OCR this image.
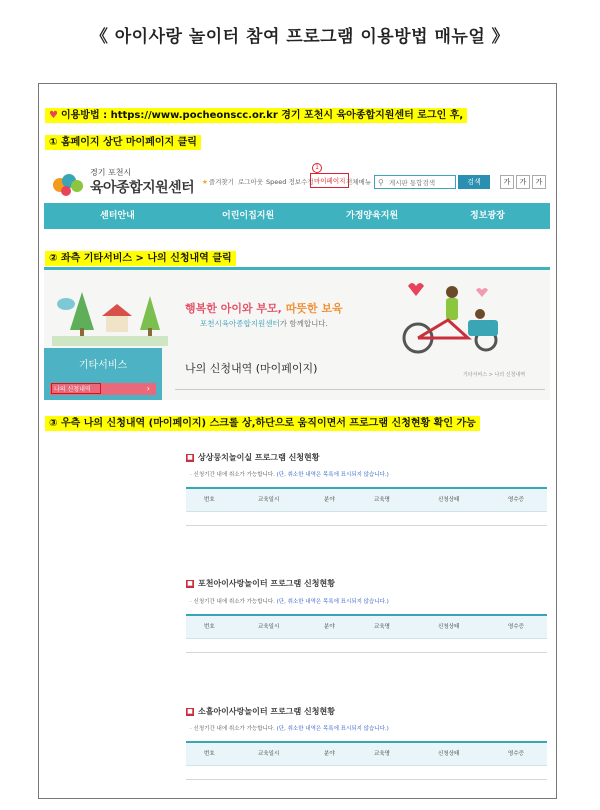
《 아이사랑 놀이터 참여 프로그램 이용방법 매뉴얼 》
♥ 이용방법 : https://www.pocheonscc.or.kr 경기 포천시 육아종합지원센터 로그인 후,
① 홈페이지 상단 마이페이지 클릭
경기 포천시
육아종합지원센터
★	즐겨찾기 로그아웃 Speed 정보수정
1
마이페이지 전체메뉴 ⚲ 게시판 통합검색	검색	가	가	가
센터안내	어린이집지원	가정양육지원	정보광장
② 좌측 기타서비스 > 나의 신청내역 클릭
행복한 아이와 부모, 따뜻한 보육
포천시육아종합지원센터가 함께합니다.
기타서비스
›
나의 신청내역
나의 신청내역 (마이페이지)	기타서비스 > 나의 신청내역
③ 우측 나의 신청내역 (마이페이지) 스크롤 상,하단으로 움직이면서 프로그램 신청현황 확인 가능
■ 상상뭉치놀이실 프로그램 신청현황
· 신청기간 내에 취소가 가능합니다. (단, 취소한 내역은 목록에 표시되지 않습니다.)
번호	교육일시	분야	교육명	신청상태	영수증
■ 포천아이사랑놀이터 프로그램 신청현황
· 신청기간 내에 취소가 가능합니다. (단, 취소한 내역은 목록에 표시되지 않습니다.)
번호	교육일시	분야	교육명	신청상태	영수증
■ 소흘아이사랑놀이터 프로그램 신청현황
· 신청기간 내에 취소가 가능합니다. (단, 취소한 내역은 목록에 표시되지 않습니다.)
번호	교육일시	분야	교육명	신청상태	영수증
